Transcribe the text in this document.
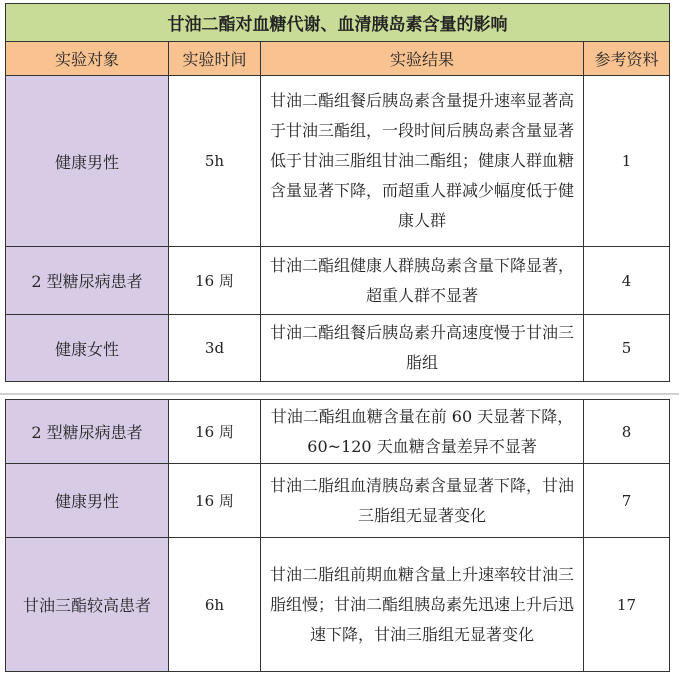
甘油二酯对血糖代谢、血清胰岛素含量的影响			
实验对象	实验时间	实验结果	参考资料
健康男性	5h	甘油二酯组餐后胰岛素含量提升速率显著高于甘油三酯组，一段时间后胰岛素含量显著低于甘油三脂组甘油二酯组；健康人群血糖含量显著下降，而超重人群减少幅度低于健康人群	1
2 型糖尿病患者	16 周	甘油二酯组健康人群胰岛素含量下降显著，超重人群不显著	4
健康女性	3d	甘油二酯组餐后胰岛素升高速度慢于甘油三脂组	5
2 型糖尿病患者	16 周	甘油二酯组血糖含量在前 60 天显著下降，60~120 天血糖含量差异不显著	8
健康男性	16 周	甘油二脂组血清胰岛素含量显著下降，甘油三脂组无显著变化	7
甘油三酯较高患者	6h	甘油二脂组前期血糖含量上升速率较甘油三脂组慢；甘油二酯组胰岛素先迅速上升后迅速下降，甘油三脂组无显著变化	17
